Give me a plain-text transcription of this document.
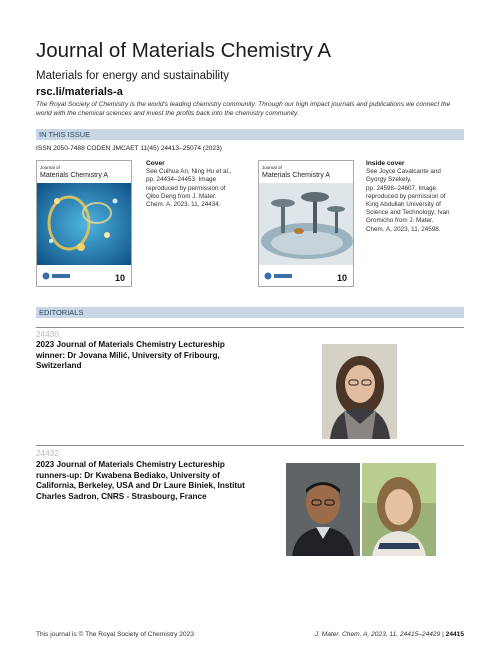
Journal of Materials Chemistry A
Materials for energy and sustainability
rsc.li/materials-a
The Royal Society of Chemistry is the world's leading chemistry community. Through our high impact journals and publications we connect the world with the chemical sciences and invest the profits back into the chemistry community.
IN THIS ISSUE
ISSN 2050-7488 CODEN JMCAET 11(45) 24413–25074 (2023)
Journal of
Materials Chemistry A
10
Cover
See Cuihua An, Ning Hu et al.,
pp. 24434–24453. Image
reproduced by permission of
Qibo Deng from J. Mater.
Chem. A, 2023, 11, 24434.
Journal of
Materials Chemistry A
10
Inside cover
See Joyce Cavalcante and
Gyorgy Szekely,
pp. 24598–24607. Image
reproduced by permission of
King Abdullah University of
Science and Technology; Ivan
Gromicho from J. Mater.
Chem. A, 2023, 11, 24598.
EDITORIALS
24430
2023 Journal of Materials Chemistry Lectureship
winner: Dr Jovana Milić, University of Fribourg,
Switzerland
24432
2023 Journal of Materials Chemistry Lectureship
runners-up: Dr Kwabena Bediako, University of
California, Berkeley, USA and Dr Laure Biniek, Institut
Charles Sadron, CNRS - Strasbourg, France
This journal is © The Royal Society of Chemistry 2023	J. Mater. Chem. A, 2023, 11, 24415–24429 | 24415
